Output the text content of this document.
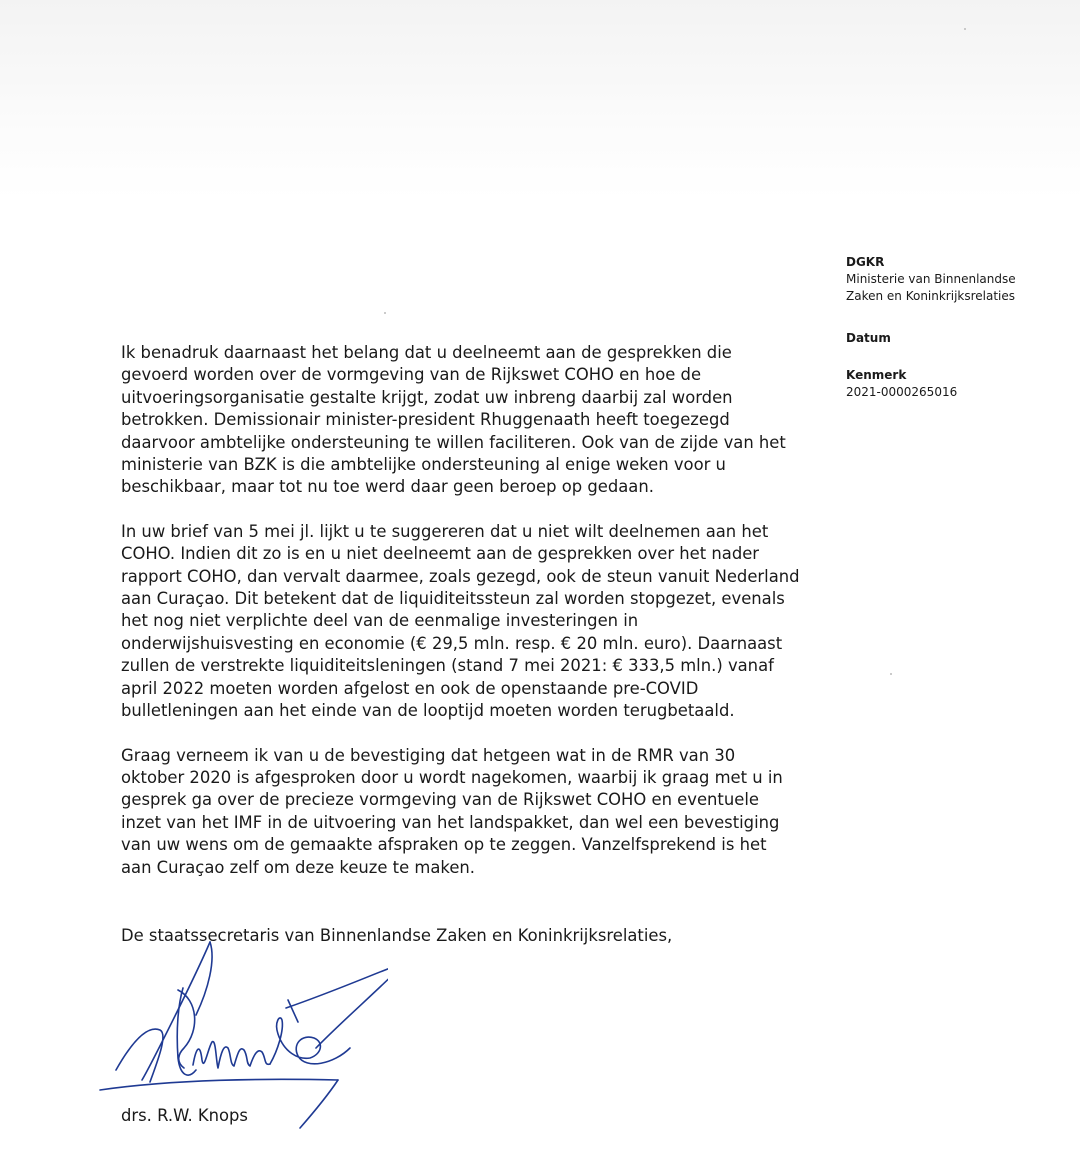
DGKR
Ministerie van Binnenlandse
Zaken en Koninkrijksrelaties
Datum
Kenmerk
2021-0000265016

Ik benadruk daarnaast het belang dat u deelneemt aan de gesprekken die
gevoerd worden over de vormgeving van de Rijkswet COHO en hoe de
uitvoeringsorganisatie gestalte krijgt, zodat uw inbreng daarbij zal worden
betrokken. Demissionair minister-president Rhuggenaath heeft toegezegd
daarvoor ambtelijke ondersteuning te willen faciliteren. Ook van de zijde van het
ministerie van BZK is die ambtelijke ondersteuning al enige weken voor u
beschikbaar, maar tot nu toe werd daar geen beroep op gedaan.

In uw brief van 5 mei jl. lijkt u te suggereren dat u niet wilt deelnemen aan het
COHO. Indien dit zo is en u niet deelneemt aan de gesprekken over het nader
rapport COHO, dan vervalt daarmee, zoals gezegd, ook de steun vanuit Nederland
aan Curaçao. Dit betekent dat de liquiditeitssteun zal worden stopgezet, evenals
het nog niet verplichte deel van de eenmalige investeringen in
onderwijshuisvesting en economie (€ 29,5 mln. resp. € 20 mln. euro). Daarnaast
zullen de verstrekte liquiditeitsleningen (stand 7 mei 2021: € 333,5 mln.) vanaf
april 2022 moeten worden afgelost en ook de openstaande pre-COVID
bulletleningen aan het einde van de looptijd moeten worden terugbetaald.

Graag verneem ik van u de bevestiging dat hetgeen wat in de RMR van 30
oktober 2020 is afgesproken door u wordt nagekomen, waarbij ik graag met u in
gesprek ga over de precieze vormgeving van de Rijkswet COHO en eventuele
inzet van het IMF in de uitvoering van het landspakket, dan wel een bevestiging
van uw wens om de gemaakte afspraken op te zeggen. Vanzelfsprekend is het
aan Curaçao zelf om deze keuze te maken.

De staatssecretaris van Binnenlandse Zaken en Koninkrijksrelaties,
drs. R.W. Knops
